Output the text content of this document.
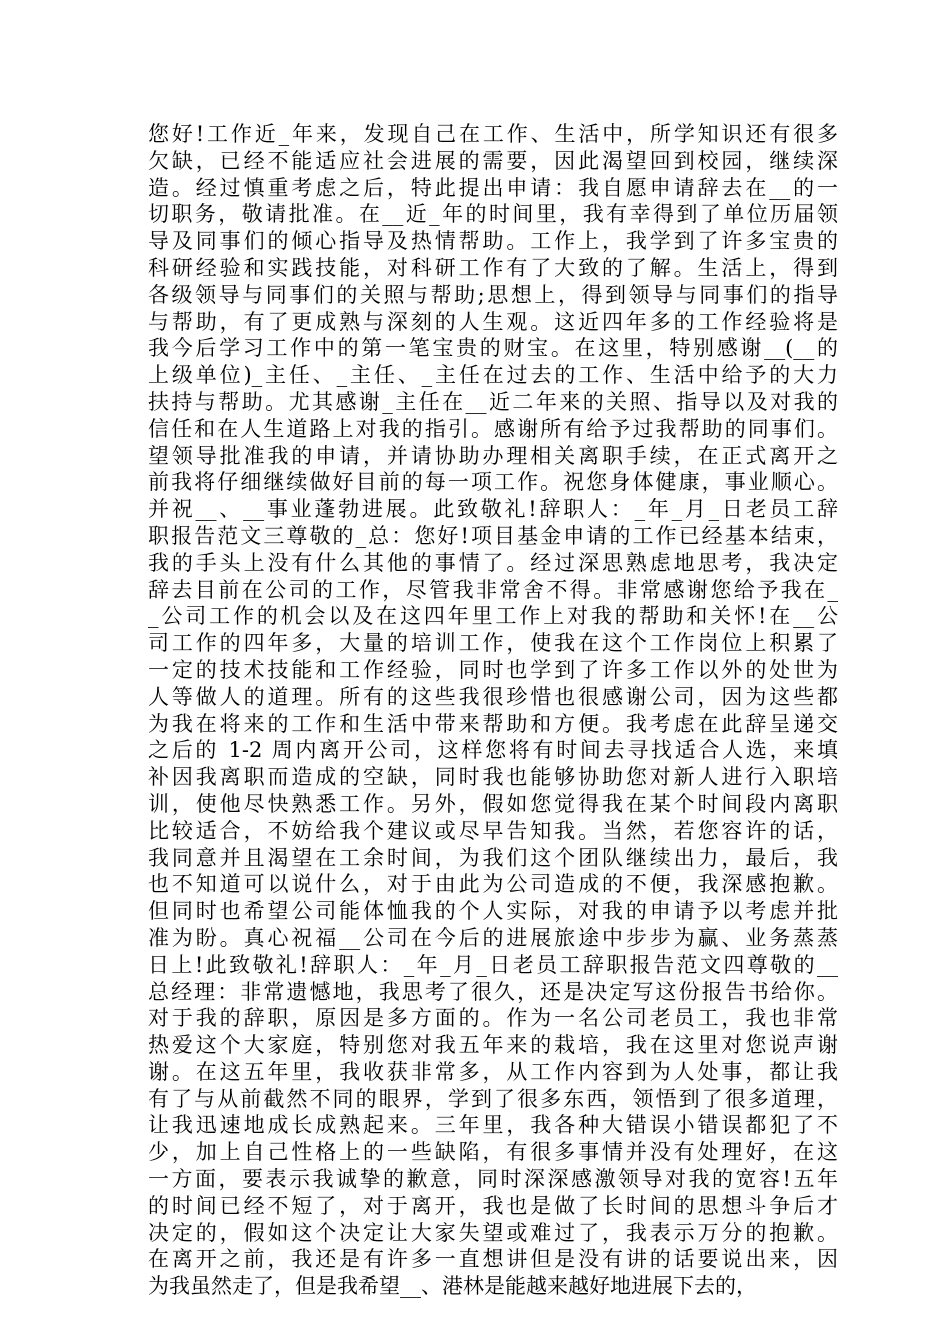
您好!工作近_年来，发现自己在工作、生活中，所学知识还有很多
欠缺，已经不能适应社会进展的需要，因此渴望回到校园，继续深
造。经过慎重考虑之后，特此提出申请：我自愿申请辞去在__的一
切职务，敬请批准。在__近_年的时间里，我有幸得到了单位历届领
导及同事们的倾心指导及热情帮助。工作上，我学到了许多宝贵的
科研经验和实践技能，对科研工作有了大致的了解。生活上，得到
各级领导与同事们的关照与帮助;思想上，得到领导与同事们的指导
与帮助，有了更成熟与深刻的人生观。这近四年多的工作经验将是
我今后学习工作中的第一笔宝贵的财宝。在这里，特别感谢__(__的
上级单位)_主任、_主任、_主任在过去的工作、生活中给予的大力
扶持与帮助。尤其感谢_主任在__近二年来的关照、指导以及对我的
信任和在人生道路上对我的指引。感谢所有给予过我帮助的同事们。
望领导批准我的申请，并请协助办理相关离职手续，在正式离开之
前我将仔细继续做好目前的每一项工作。祝您身体健康，事业顺心。
并祝__、__事业蓬勃进展。此致敬礼!辞职人：_年_月_日老员工辞
职报告范文三尊敬的_总：您好!项目基金申请的工作已经基本结束，
我的手头上没有什么其他的事情了。经过深思熟虑地思考，我决定
辞去目前在公司的工作，尽管我非常舍不得。非常感谢您给予我在_
_公司工作的机会以及在这四年里工作上对我的帮助和关怀!在__公
司工作的四年多，大量的培训工作，使我在这个工作岗位上积累了
一定的技术技能和工作经验，同时也学到了许多工作以外的处世为
人等做人的道理。所有的这些我很珍惜也很感谢公司，因为这些都
为我在将来的工作和生活中带来帮助和方便。我考虑在此辞呈递交
之后的 1-2 周内离开公司，这样您将有时间去寻找适合人选，来填
补因我离职而造成的空缺，同时我也能够协助您对新人进行入职培
训，使他尽快熟悉工作。另外，假如您觉得我在某个时间段内离职
比较适合，不妨给我个建议或尽早告知我。当然，若您容许的话，
我同意并且渴望在工余时间，为我们这个团队继续出力，最后，我
也不知道可以说什么，对于由此为公司造成的不便，我深感抱歉。
但同时也希望公司能体恤我的个人实际，对我的申请予以考虑并批
准为盼。真心祝福__公司在今后的进展旅途中步步为赢、业务蒸蒸
日上!此致敬礼!辞职人：_年_月_日老员工辞职报告范文四尊敬的__
总经理：非常遗憾地，我思考了很久，还是决定写这份报告书给你。
对于我的辞职，原因是多方面的。作为一名公司老员工，我也非常
热爱这个大家庭，特别您对我五年来的栽培，我在这里对您说声谢
谢。在这五年里，我收获非常多，从工作内容到为人处事，都让我
有了与从前截然不同的眼界，学到了很多东西，领悟到了很多道理，
让我迅速地成长成熟起来。三年里，我各种大错误小错误都犯了不
少，加上自己性格上的一些缺陷，有很多事情并没有处理好，在这
一方面，要表示我诚挚的歉意，同时深深感激领导对我的宽容!五年
的时间已经不短了，对于离开，我也是做了长时间的思想斗争后才
决定的，假如这个决定让大家失望或难过了，我表示万分的抱歉。
在离开之前，我还是有许多一直想讲但是没有讲的话要说出来，因
为我虽然走了，但是我希望__、港林是能越来越好地进展下去的，
